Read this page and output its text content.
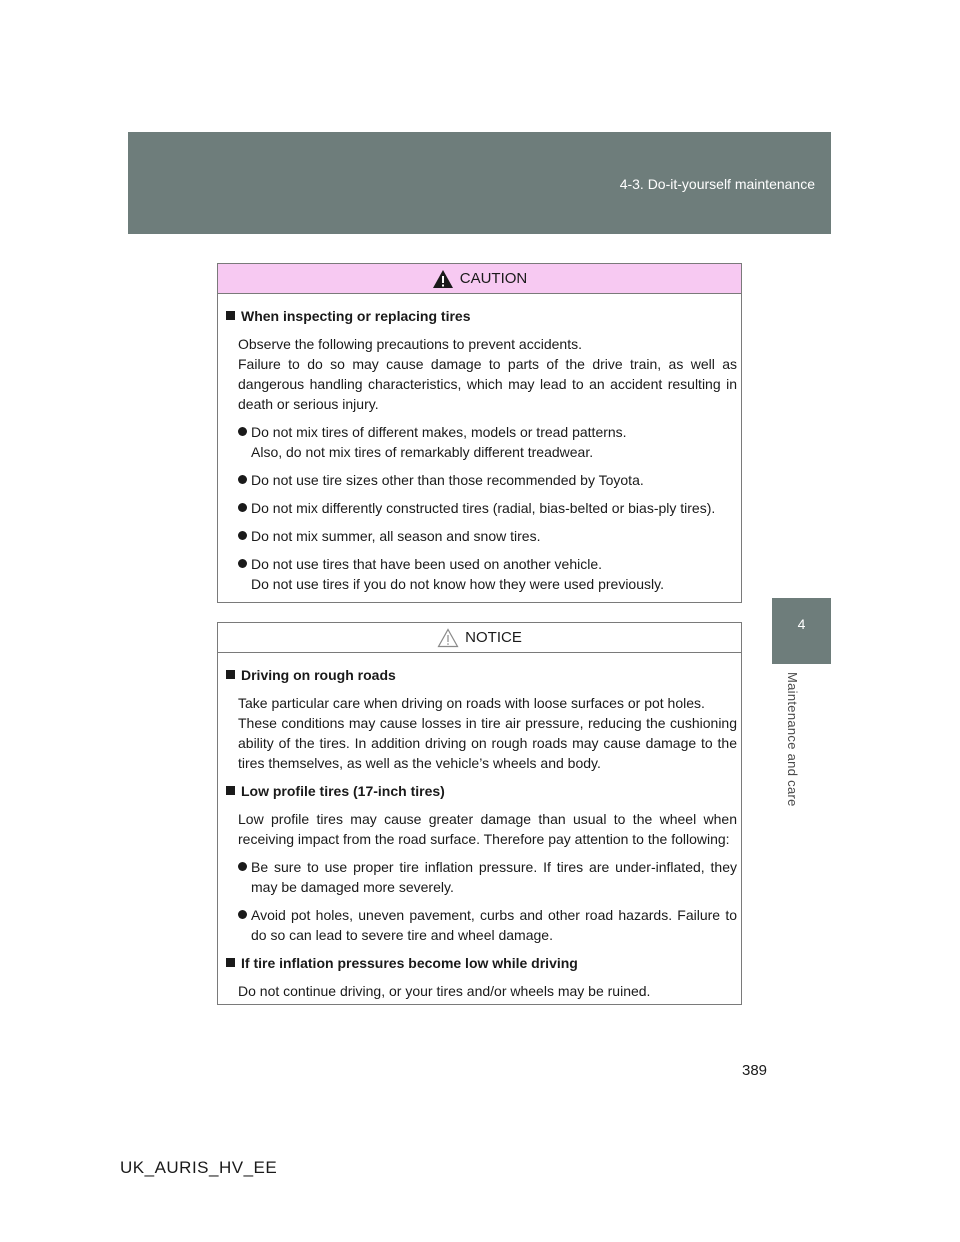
4-3. Do-it-yourself maintenance
4
Maintenance and care
CAUTION
When inspecting or replacing tires
Observe the following precautions to prevent accidents.
Failure to do so may cause damage to parts of the drive train, as well as dangerous handling characteristics, which may lead to an accident resulting in death or serious injury.
Do not mix tires of different makes, models or tread patterns.
Also, do not mix tires of remarkably different treadwear.
Do not use tire sizes other than those recommended by Toyota.
Do not mix differently constructed tires (radial, bias-belted or bias-ply tires).
Do not mix summer, all season and snow tires.
Do not use tires that have been used on another vehicle.
Do not use tires if you do not know how they were used previously.
NOTICE
Driving on rough roads
Take particular care when driving on roads with loose surfaces or pot holes.
These conditions may cause losses in tire air pressure, reducing the cushioning ability of the tires. In addition driving on rough roads may cause damage to the tires themselves, as well as the vehicle’s wheels and body.
Low profile tires (17-inch tires)
Low profile tires may cause greater damage than usual to the wheel when receiving impact from the road surface. Therefore pay attention to the following:
Be sure to use proper tire inflation pressure. If tires are under-inflated, they may be damaged more severely.
Avoid pot holes, uneven pavement, curbs and other road hazards. Failure to do so can lead to severe tire and wheel damage.
If tire inflation pressures become low while driving
Do not continue driving, or your tires and/or wheels may be ruined.
389
UK_AURIS_HV_EE
